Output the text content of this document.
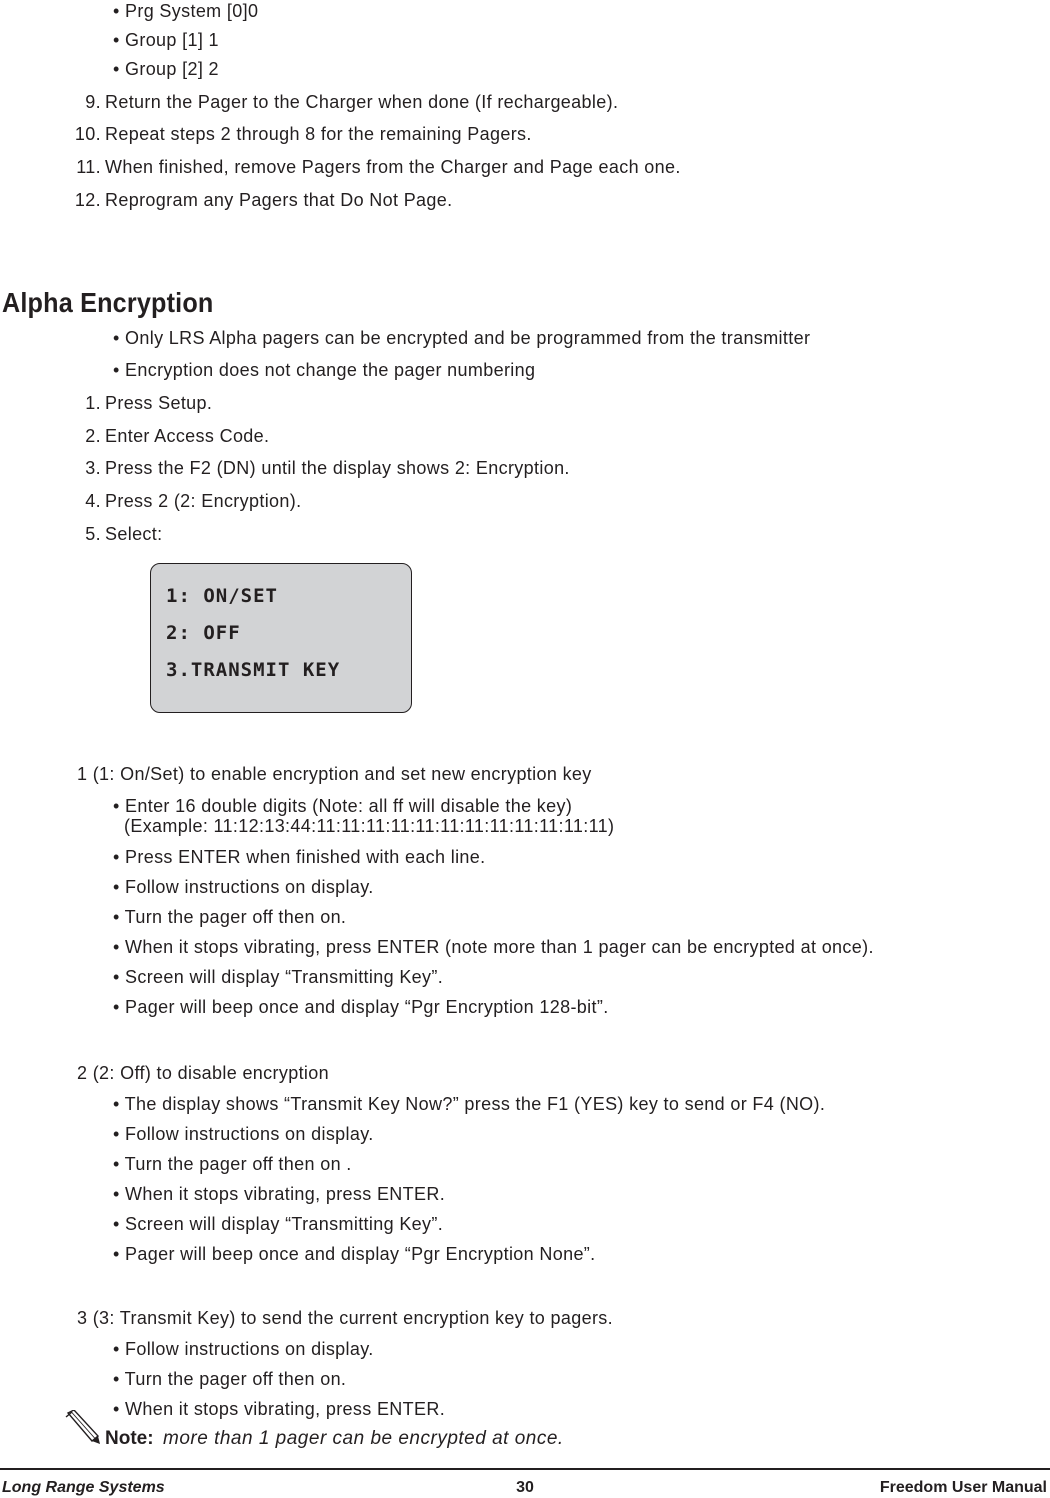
• Prg System [0]0
• Group [1] 1
• Group [2] 2
9. Return the Pager to the Charger when done (If rechargeable).
10. Repeat steps 2 through 8 for the remaining Pagers.
11. When finished, remove Pagers from the Charger and Page each one.
12. Reprogram any Pagers that Do Not Page.
Alpha Encryption
• Only LRS Alpha pagers can be encrypted and be programmed from the transmitter
• Encryption does not change the pager numbering
1. Press Setup.
2. Enter Access Code.
3. Press the F2 (DN) until the display shows 2: Encryption.
4. Press 2 (2: Encryption).
5. Select:
1: ON/SET
2: OFF
3.TRANSMIT KEY
1 (1: On/Set) to enable encryption and set new encryption key
• Enter 16 double digits (Note: all ff will disable the key)
(Example: 11:12:13:44:11:11:11:11:11:11:11:11:11:11:11:11)
• Press ENTER when finished with each line.
• Follow instructions on display.
• Turn the pager off then on.
• When it stops vibrating, press ENTER (note more than 1 pager can be encrypted at once).
• Screen will display “Transmitting Key”.
• Pager will beep once and display “Pgr Encryption 128-bit”.
2 (2: Off) to disable encryption
• The display shows “Transmit Key Now?” press the F1 (YES) key to send or F4 (NO).
• Follow instructions on display.
• Turn the pager off then on .
• When it stops vibrating, press ENTER.
• Screen will display “Transmitting Key”.
• Pager will beep once and display “Pgr Encryption None”.
3 (3: Transmit Key) to send the current encryption key to pagers.
• Follow instructions on display.
• Turn the pager off then on.
• When it stops vibrating, press ENTER.
Note: more than 1 pager can be encrypted at once.
Long Range Systems	30	Freedom User Manual
